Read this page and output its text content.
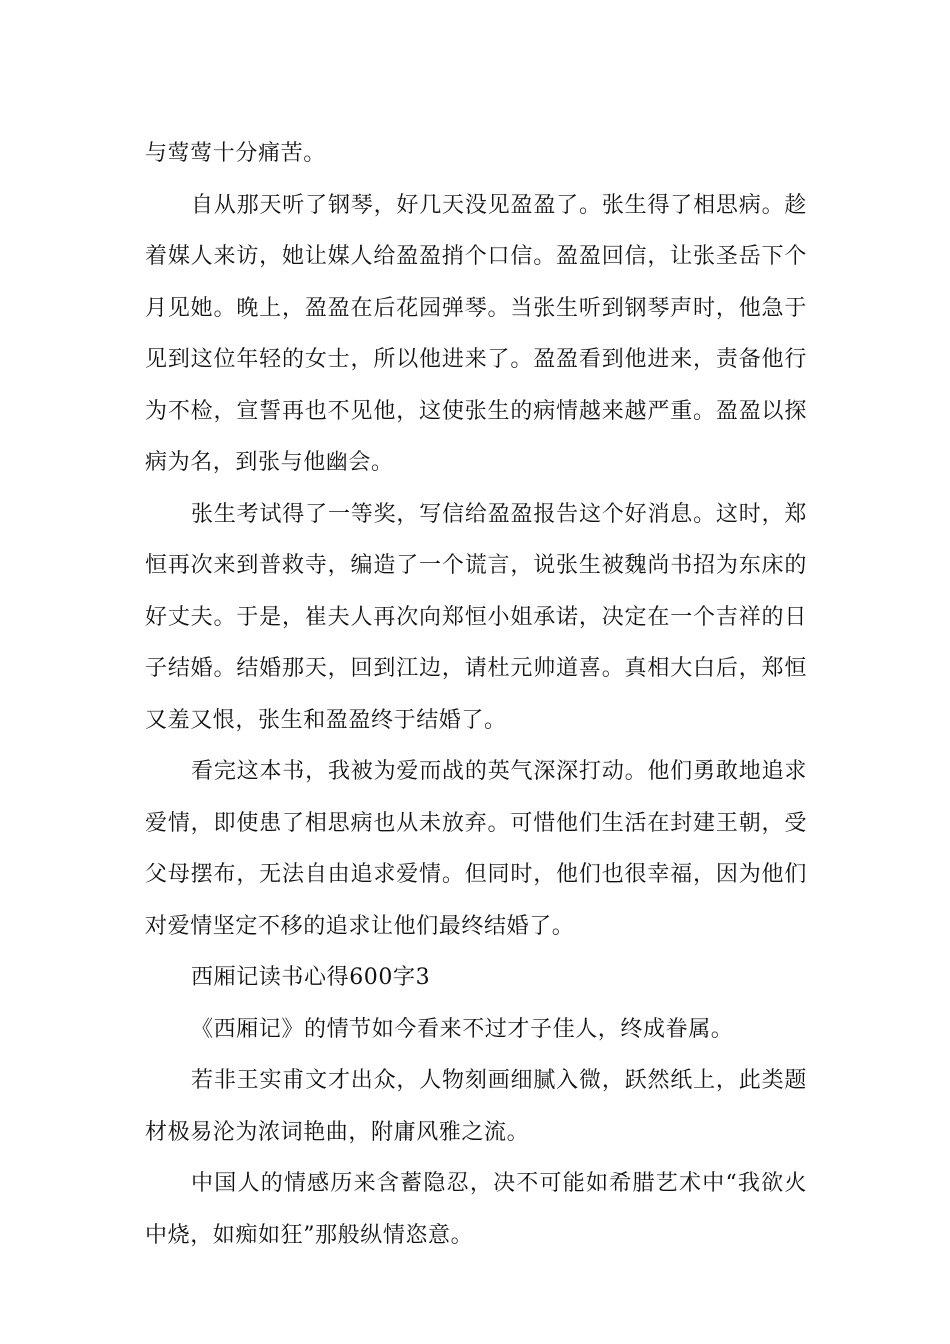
与莺莺十分痛苦。

自从那天听了钢琴，好几天没见盈盈了。张生得了相思病。趁着媒人来访，她让媒人给盈盈捎个口信。盈盈回信，让张圣岳下个月见她。晚上，盈盈在后花园弹琴。当张生听到钢琴声时，他急于见到这位年轻的女士，所以他进来了。盈盈看到他进来，责备他行为不检，宣誓再也不见他，这使张生的病情越来越严重。盈盈以探病为名，到张与他幽会。

张生考试得了一等奖，写信给盈盈报告这个好消息。这时，郑恒再次来到普救寺，编造了一个谎言，说张生被魏尚书招为东床的好丈夫。于是，崔夫人再次向郑恒小姐承诺，决定在一个吉祥的日子结婚。结婚那天，回到江边，请杜元帅道喜。真相大白后，郑恒又羞又恨，张生和盈盈终于结婚了。

看完这本书，我被为爱而战的英气深深打动。他们勇敢地追求爱情，即使患了相思病也从未放弃。可惜他们生活在封建王朝，受父母摆布，无法自由追求爱情。但同时，他们也很幸福，因为他们对爱情坚定不移的追求让他们最终结婚了。

西厢记读书心得600字3

《西厢记》的情节如今看来不过才子佳人，终成眷属。

若非王实甫文才出众，人物刻画细腻入微，跃然纸上，此类题材极易沦为浓词艳曲，附庸风雅之流。

中国人的情感历来含蓄隐忍，决不可能如希腊艺术中“我欲火中烧，如痴如狂”那般纵情恣意。
